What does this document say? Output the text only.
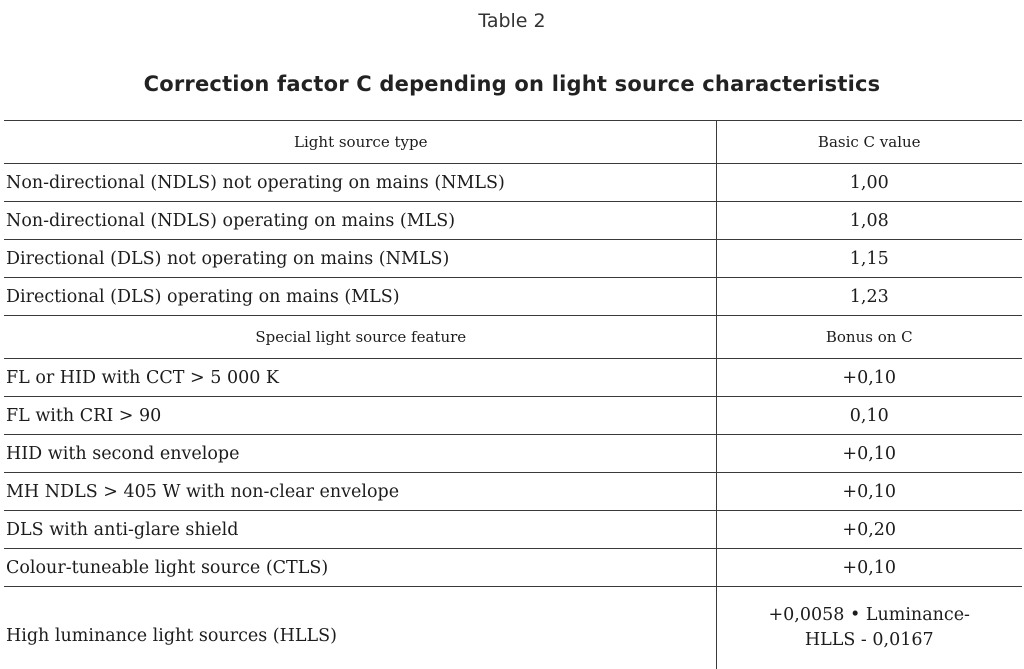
Table 2
Correction factor C depending on light source characteristics
Light source type	Basic C value
Non-directional (NDLS) not operating on mains (NMLS)	1,00
Non-directional (NDLS) operating on mains (MLS)	1,08
Directional (DLS) not operating on mains (NMLS)	1,15
Directional (DLS) operating on mains (MLS)	1,23
Special light source feature	Bonus on C
FL or HID with CCT > 5 000 K	+0,10
FL with CRI > 90	0,10
HID with second envelope	+0,10
MH NDLS > 405 W with non-clear envelope	+0,10
DLS with anti-glare shield	+0,20
Colour-tuneable light source (CTLS)	+0,10
High luminance light sources (HLLS)	+0,0058 • Luminance-
HLLS - 0,0167
